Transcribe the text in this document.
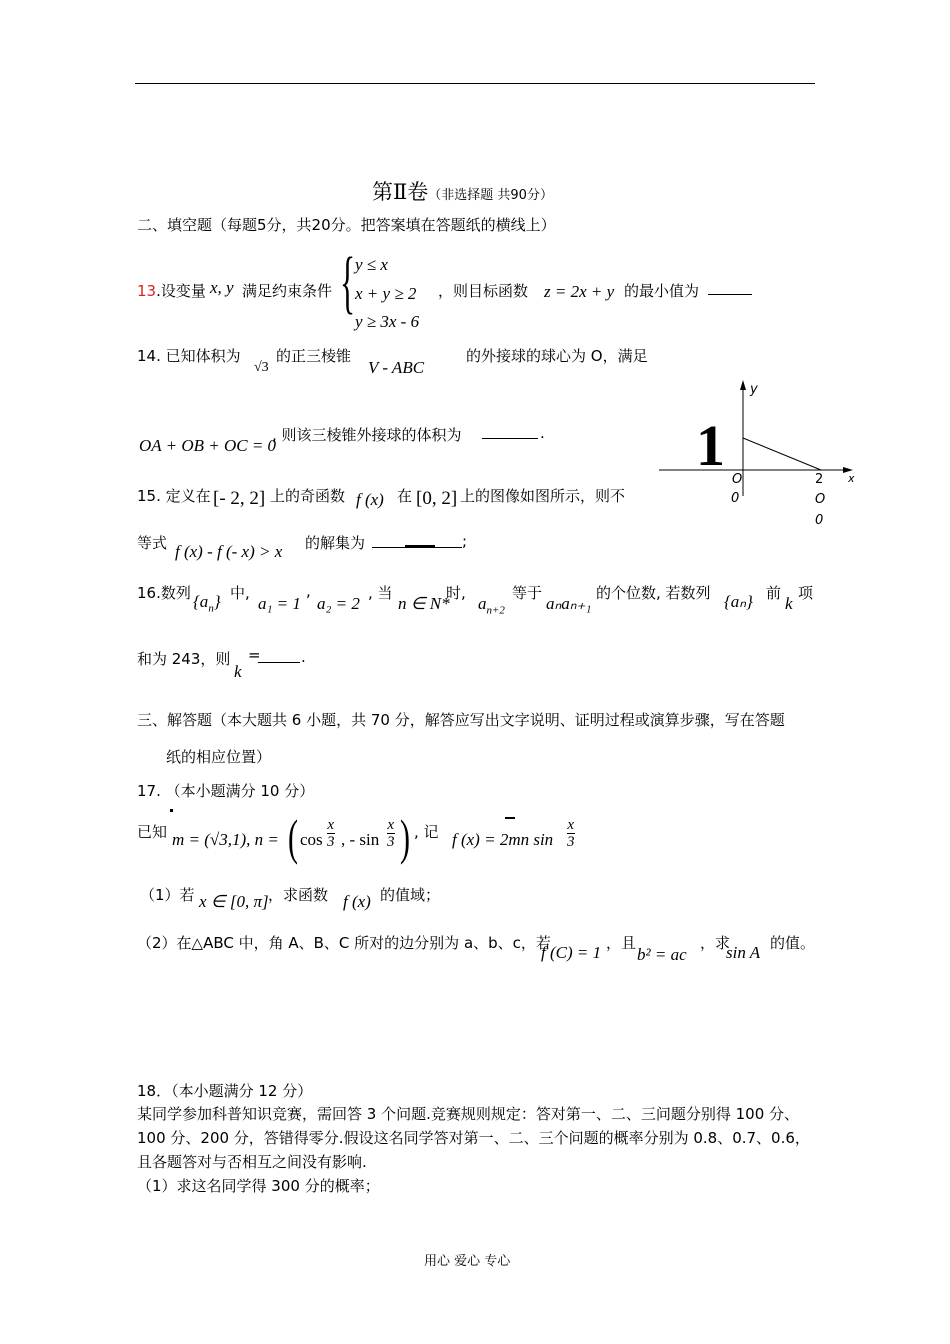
第Ⅱ卷（非选择题 共90分）
二、填空题（每题5分，共20分。把答案填在答题纸的横线上）
13.设变量 x, y 满足约束条件 { y ≤ x
x + y ≥ 2
y ≥ 3x - 6
，则目标函数 z = 2x + y 的最小值为
14. 已知体积为
√3
的正三棱锥
V - ABC
的外接球的球心为 O，满足
OA + OB + OC = 0
, 则该三棱锥外接球的体积为	.
y
x
1
O
0
2
O
0
15. 定义在 [- 2, 2] 上的奇函数 f (x) 在 [0, 2] 上的图像如图所示，则不
等式 f (x) - f (- x) > x 的解集为	;
16.数列 $\{a_n\}$ 中,
a₁ = 1
,
a₂ = 2
, 当
n ∈ N*
时,
$a_{n+2}$
等于
aₙaₙ₊₁
的个位数, 若数列 {aₙ} 前
k
项
和为 243，则
k
=	.
三、解答题（本大题共 6 小题，共 70 分，解答应写出文字说明、证明过程或演算步骤，写在答题
纸的相应位置）
17. （本小题满分 10 分）
已知 m = (√3,1), n = ( $\cos \frac{x}{3}$ , - $\sin \frac{x}{3}$ ) , 记 f (x) = 2mn $\sin \frac{x}{3}$
（1）若 x ∈ [0, π] ，求函数 f (x) 的值域；
（2）在△ABC 中，角 A、B、C 所对的边分别为 a、b、c，若
f (C) = 1 ，且
b² = ac
，求
sin A 的值。
18．（本小题满分 12 分）
某同学参加科普知识竞赛，需回答 3 个问题.竞赛规则规定：答对第一、二、三问题分别得 100 分、
100 分、200 分，答错得零分.假设这名同学答对第一、二、三个问题的概率分别为 0.8、0.7、0.6，
且各题答对与否相互之间没有影响.
（1）求这名同学得 300 分的概率；
用心 爱心 专心
